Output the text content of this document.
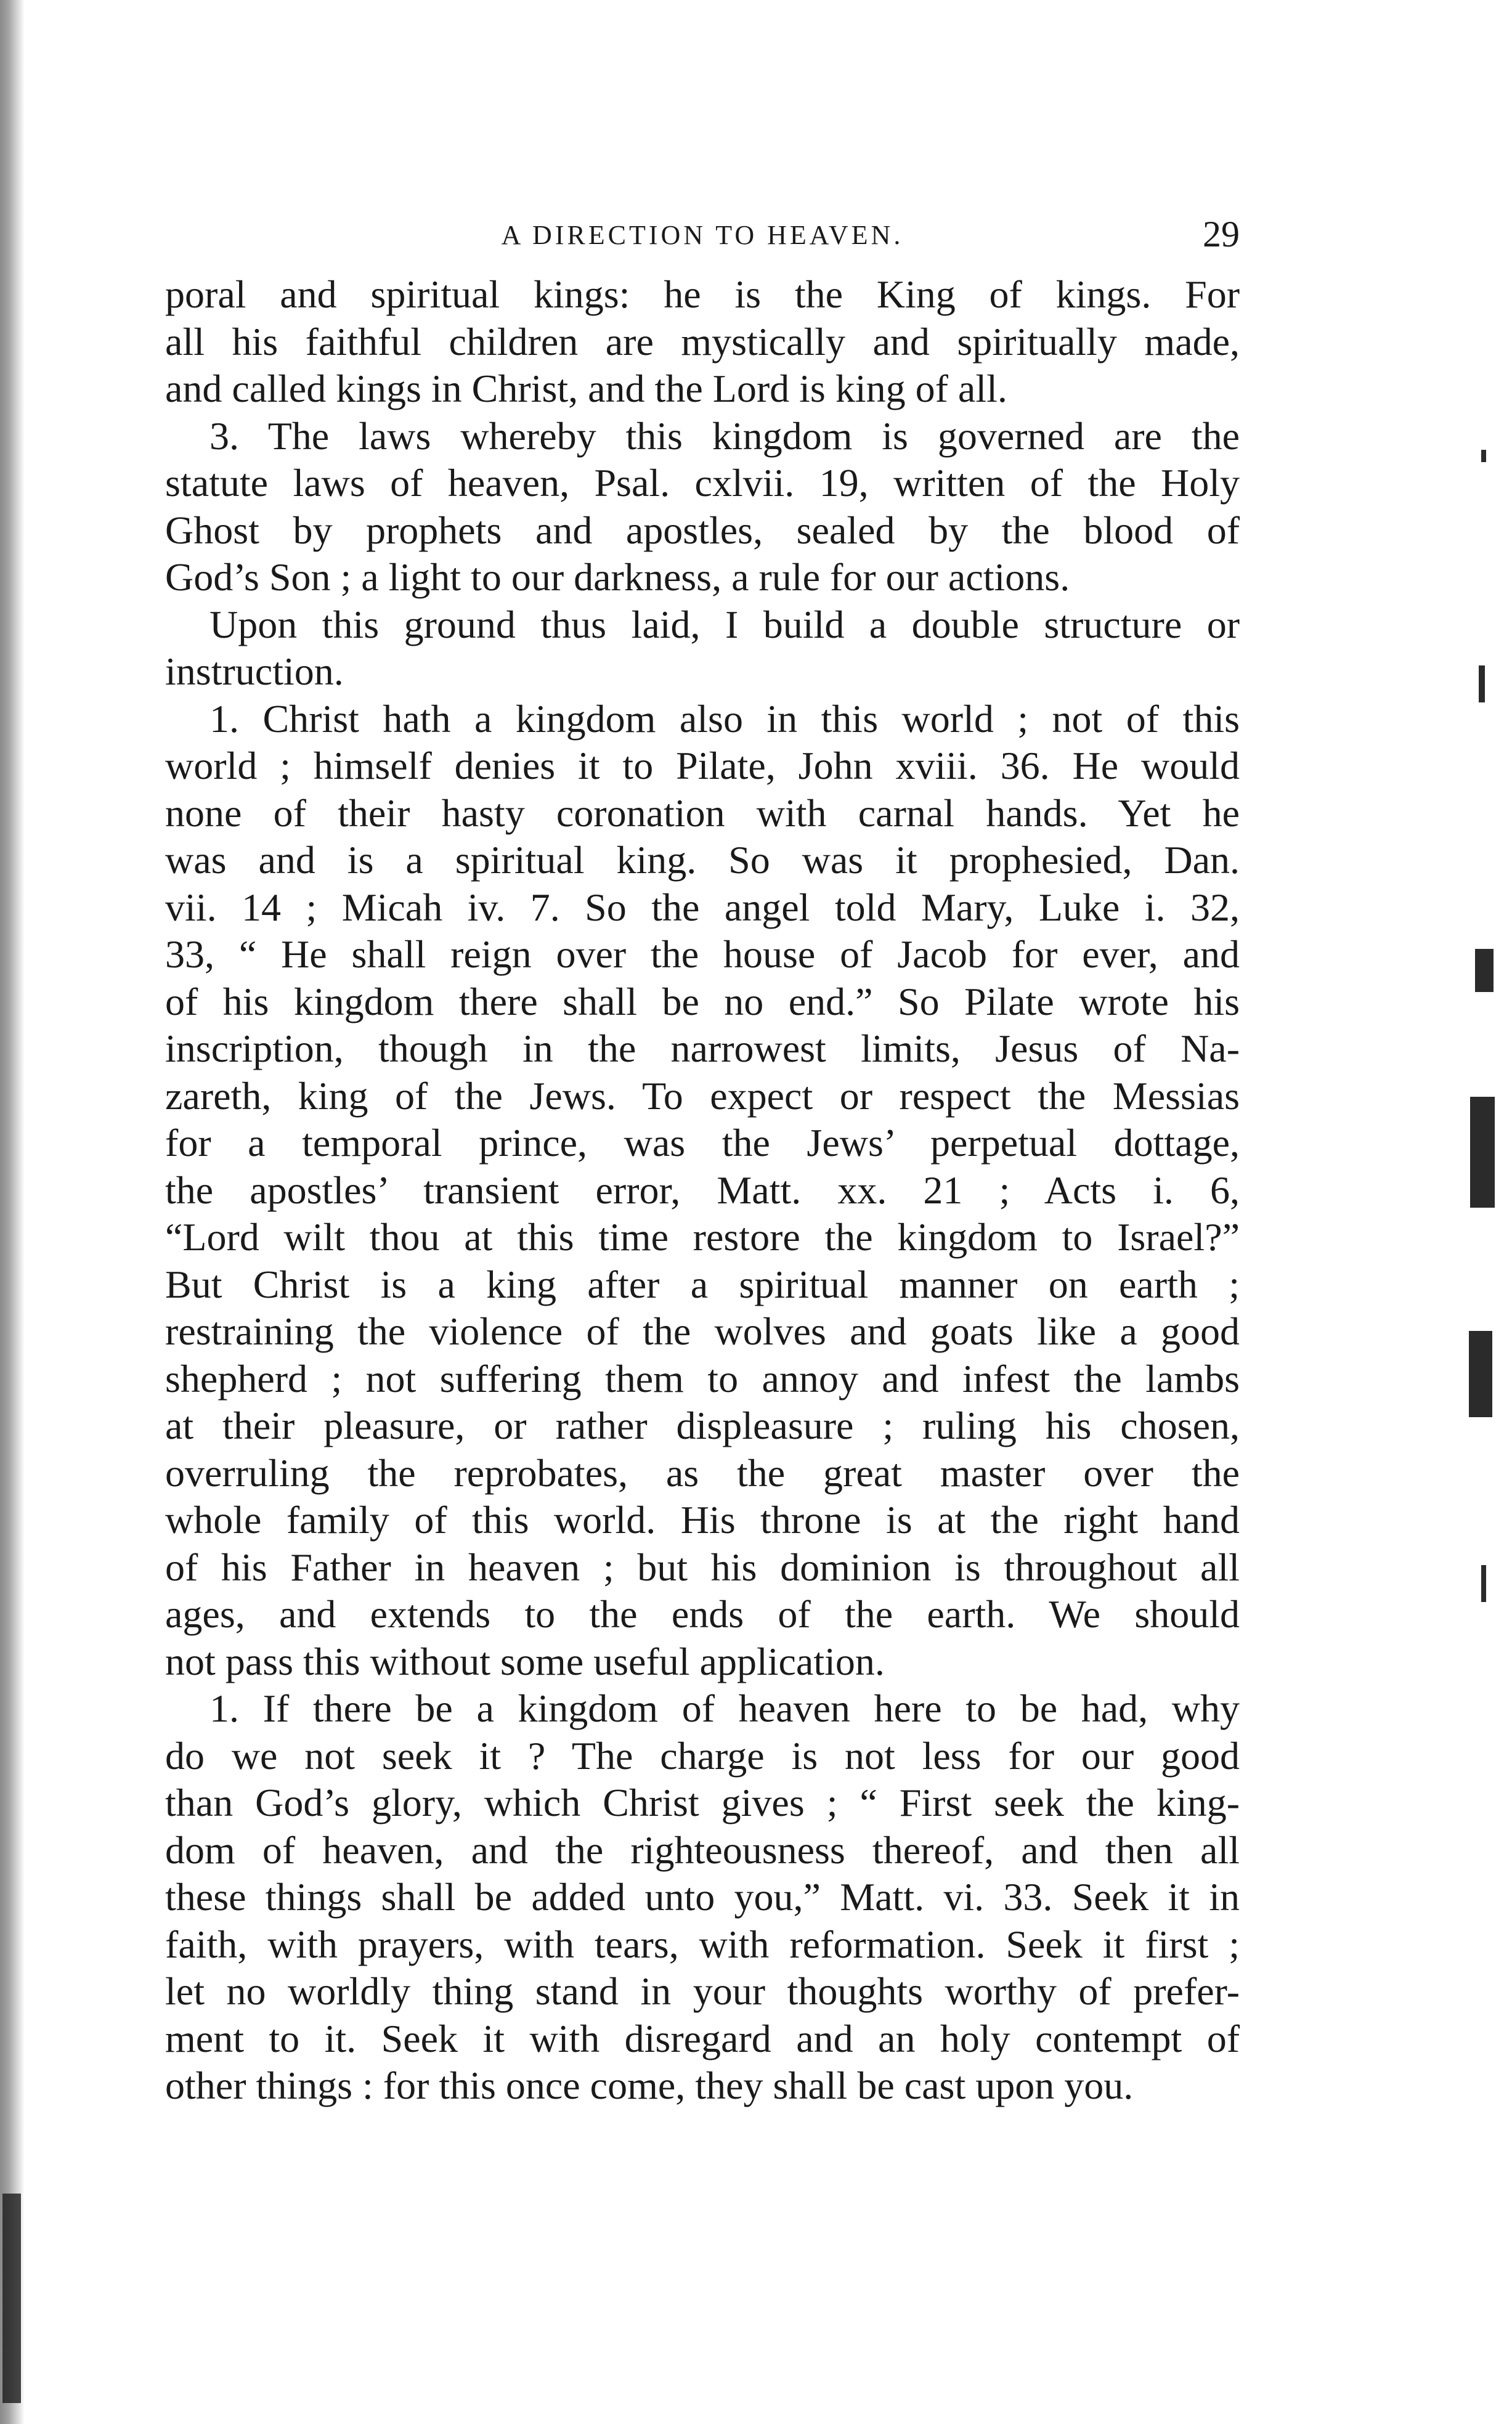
A DIRECTION TO HEAVEN.	29
poral and spiritual kings: he is the King of kings. For
all his faithful children are mystically and spiritually made,
and called kings in Christ, and the Lord is king of all.
3. The laws whereby this kingdom is governed are the
statute laws of heaven, Psal. cxlvii. 19, written of the Holy
Ghost by prophets and apostles, sealed by the blood of
God’s Son ; a light to our darkness, a rule for our actions.
Upon this ground thus laid, I build a double structure or
instruction.
1. Christ hath a kingdom also in this world ; not of this
world ; himself denies it to Pilate, John xviii. 36. He would
none of their hasty coronation with carnal hands. Yet he
was and is a spiritual king. So was it prophesied, Dan.
vii. 14 ; Micah iv. 7. So the angel told Mary, Luke i. 32,
33, “ He shall reign over the house of Jacob for ever, and
of his kingdom there shall be no end.” So Pilate wrote his
inscription, though in the narrowest limits, Jesus of Na-
zareth, king of the Jews. To expect or respect the Messias
for a temporal prince, was the Jews’ perpetual dottage,
the apostles’ transient error, Matt. xx. 21 ; Acts i. 6,
“Lord wilt thou at this time restore the kingdom to Israel?”
But Christ is a king after a spiritual manner on earth ;
restraining the violence of the wolves and goats like a good
shepherd ; not suffering them to annoy and infest the lambs
at their pleasure, or rather displeasure ; ruling his chosen,
overruling the reprobates, as the great master over the
whole family of this world. His throne is at the right hand
of his Father in heaven ; but his dominion is throughout all
ages, and extends to the ends of the earth. We should
not pass this without some useful application.
1. If there be a kingdom of heaven here to be had, why
do we not seek it ? The charge is not less for our good
than God’s glory, which Christ gives ; “ First seek the king-
dom of heaven, and the righteousness thereof, and then all
these things shall be added unto you,” Matt. vi. 33. Seek it in
faith, with prayers, with tears, with reformation. Seek it first ;
let no worldly thing stand in your thoughts worthy of prefer-
ment to it. Seek it with disregard and an holy contempt of
other things : for this once come, they shall be cast upon you.
